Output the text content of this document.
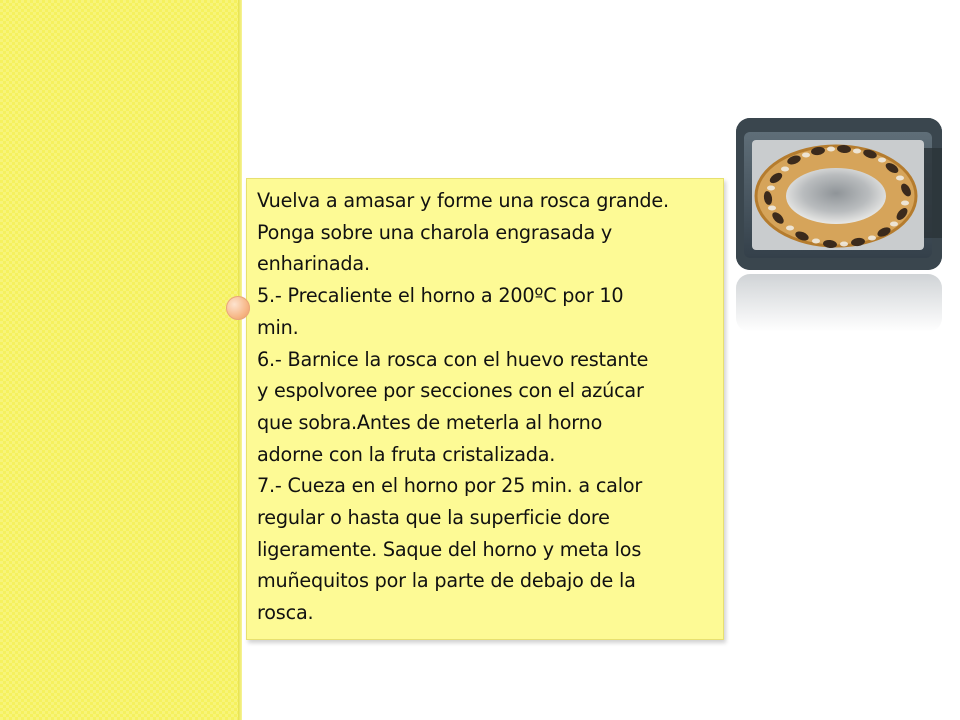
Vuelva a amasar y forme una rosca grande.

Ponga sobre una charola engrasada y

enharinada.

5.- Precaliente el horno a 200ºC por 10

min.

6.- Barnice la rosca con el huevo restante

y espolvoree por secciones con el azúcar

que sobra.Antes de meterla al horno

adorne con la fruta cristalizada.

7.- Cueza en el horno por 25 min. a calor

regular o hasta que la superficie dore

ligeramente. Saque del horno y meta los

muñequitos por la parte de debajo de la

rosca.
